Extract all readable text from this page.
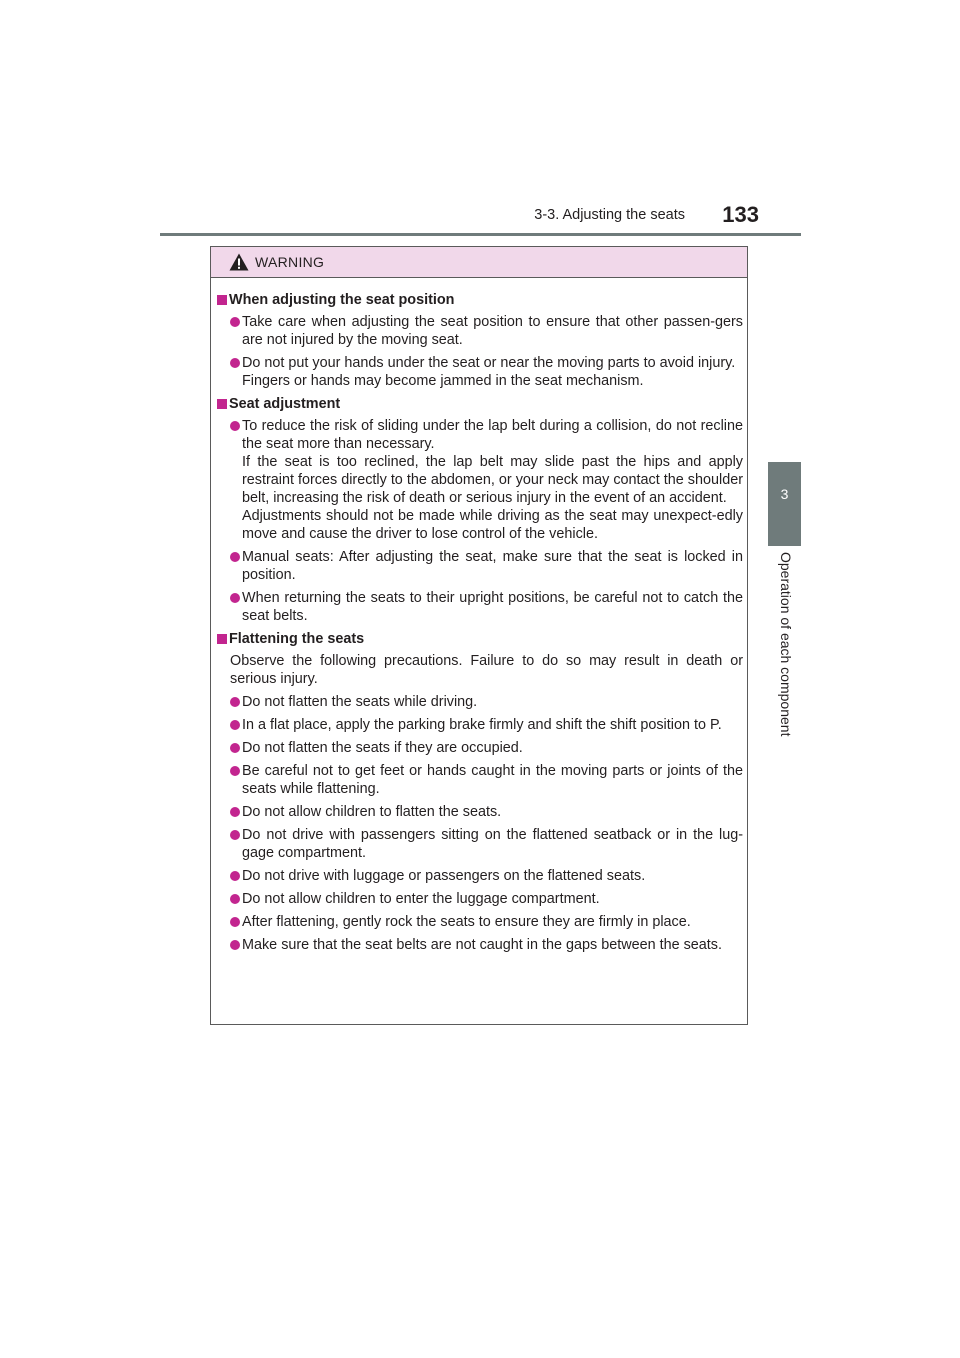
3-3. Adjusting the seats 133
3
Operation of each component
WARNING
When adjusting the seat position

Take care when adjusting the seat position to ensure that other passen-gers are not injured by the moving seat.

Do not put your hands under the seat or near the moving parts to avoid injury.

Fingers or hands may become jammed in the seat mechanism.

Seat adjustment

To reduce the risk of sliding under the lap belt during a collision, do not recline the seat more than necessary.

If the seat is too reclined, the lap belt may slide past the hips and apply restraint forces directly to the abdomen, or your neck may contact the shoulder belt, increasing the risk of death or serious injury in the event of an accident.

Adjustments should not be made while driving as the seat may unexpect-edly move and cause the driver to lose control of the vehicle.

Manual seats: After adjusting the seat, make sure that the seat is locked in position.

When returning the seats to their upright positions, be careful not to catch the seat belts.

Flattening the seats
Observe the following precautions. Failure to do so may result in death or serious injury.

Do not flatten the seats while driving.

In a flat place, apply the parking brake firmly and shift the shift position to P.

Do not flatten the seats if they are occupied.

Be careful not to get feet or hands caught in the moving parts or joints of the seats while flattening.

Do not allow children to flatten the seats.

Do not drive with passengers sitting on the flattened seatback or in the lug-gage compartment.

Do not drive with luggage or passengers on the flattened seats.

Do not allow children to enter the luggage compartment.

After flattening, gently rock the seats to ensure they are firmly in place.

Make sure that the seat belts are not caught in the gaps between the seats.
